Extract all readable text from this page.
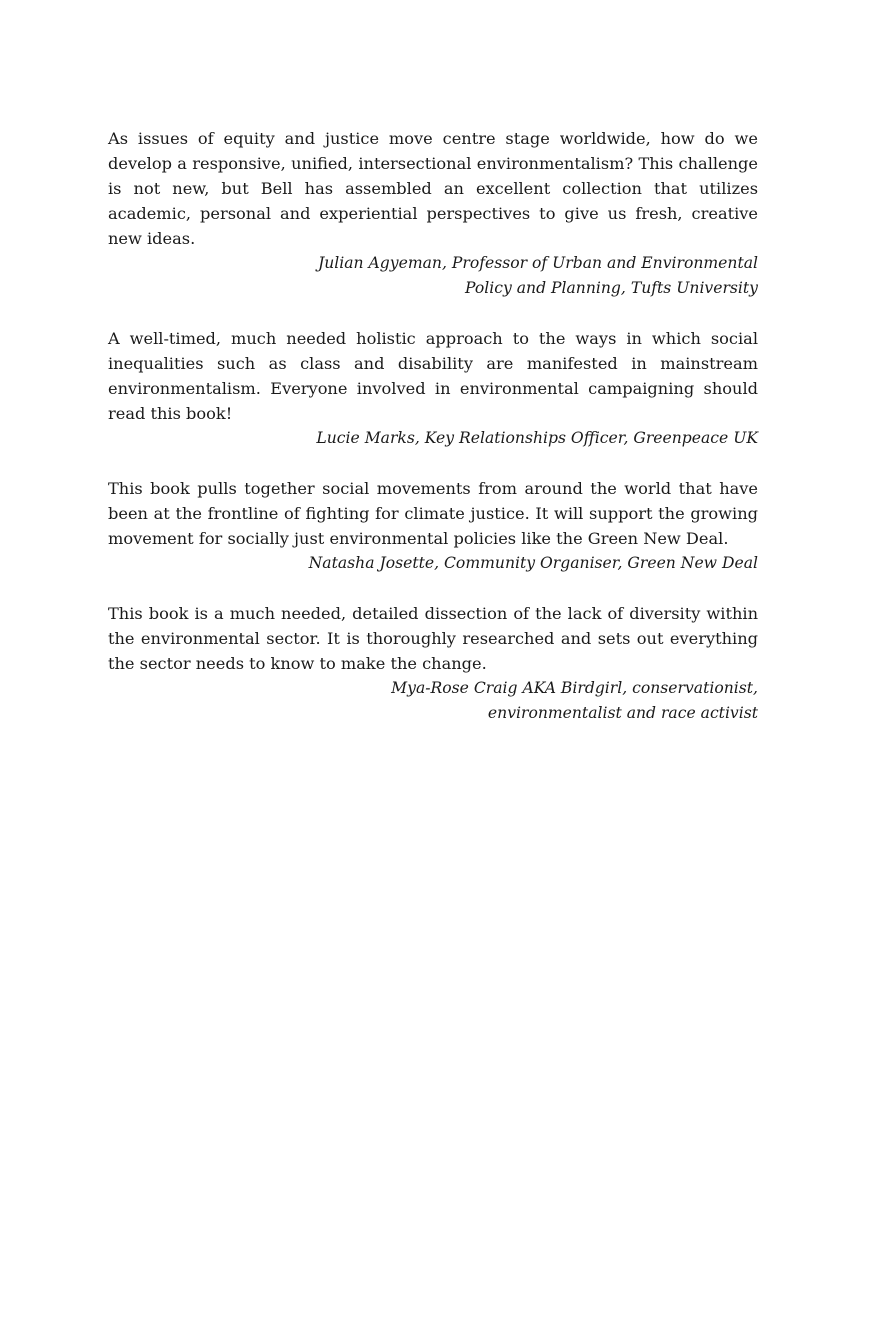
As issues of equity and justice move centre stage worldwide, how do we develop a responsive, unified, intersectional environmentalism? This challenge is not new, but Bell has assembled an excellent collection that utilizes academic, personal and experiential perspectives to give us fresh, creative new ideas.

Julian Agyeman, Professor of Urban and Environmental
Policy and Planning, Tufts University

A well-timed, much needed holistic approach to the ways in which social inequalities such as class and disability are manifested in mainstream environmentalism. Everyone involved in environmental campaigning should read this book!

Lucie Marks, Key Relationships Officer, Greenpeace UK

This book pulls together social movements from around the world that have been at the frontline of fighting for climate justice. It will support the growing movement for socially just environmental policies like the Green New Deal.

Natasha Josette, Community Organiser, Green New Deal

This book is a much needed, detailed dissection of the lack of diversity within the environmental sector. It is thoroughly researched and sets out everything the sector needs to know to make the change.

Mya-Rose Craig AKA Birdgirl, conservationist,
environmentalist and race activist
